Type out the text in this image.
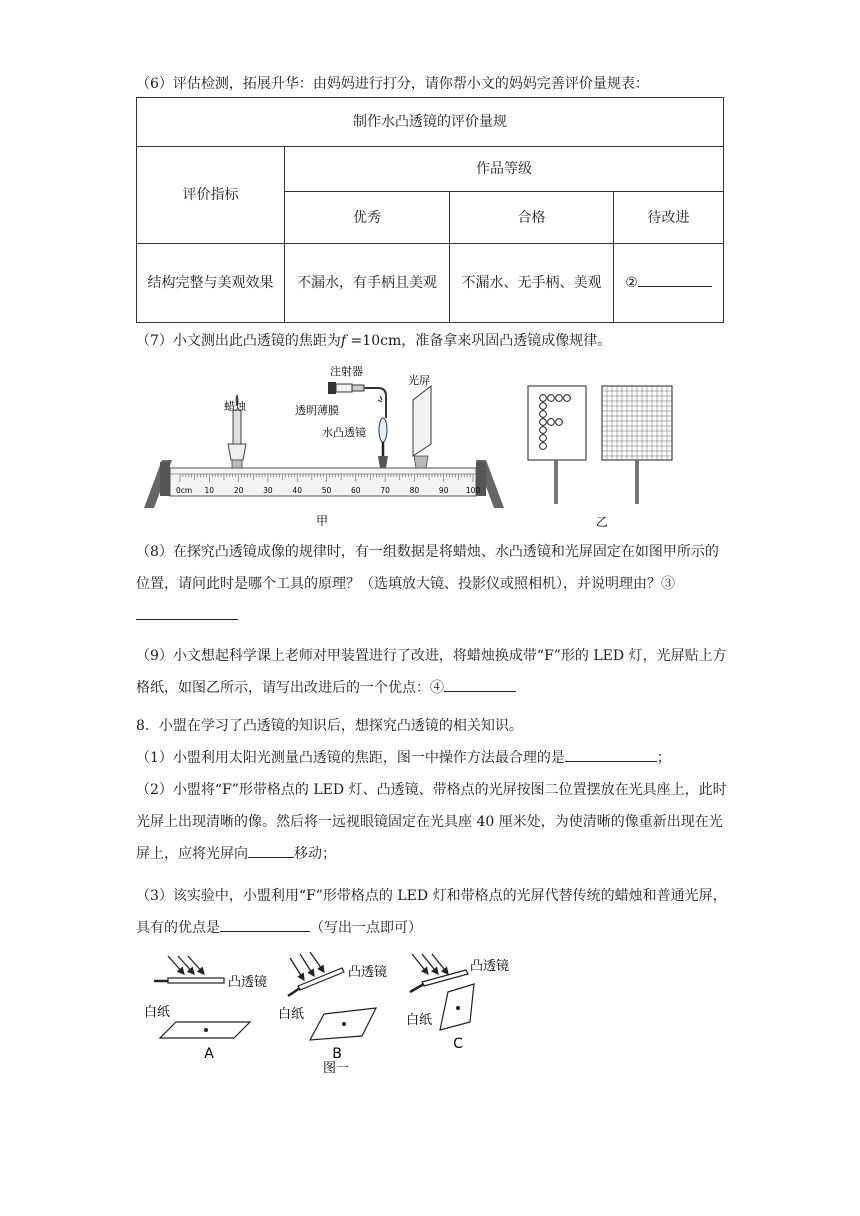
（6）评估检测，拓展升华：由妈妈进行打分，请你帮小文的妈妈完善评价量规表：

制作水凸透镜的评价量规			
评价指标	作品等级		
	优秀	合格	待改进
结构完整与美观效果	不漏水，有手柄且美观	不漏水、无手柄、美观	②

（7）小文测出此凸透镜的焦距为f =10cm，准备拿来巩固凸透镜成像规律。

0cm 10	20	30	40	50	60	70	80	90 100
蜡烛
注射器
透明薄膜
水凸透镜
光屏
甲	乙

（8）在探究凸透镜成像的规律时，有一组数据是将蜡烛、水凸透镜和光屏固定在如图甲所示的位置，请问此时是哪个工具的原理？（选填放大镜、投影仪或照相机），并说明理由？③

（9）小文想起科学课上老师对甲装置进行了改进，将蜡烛换成带“F”形的 LED 灯，光屏贴上方格纸，如图乙所示，请写出改进后的一个优点：④

8．小盟在学习了凸透镜的知识后，想探究凸透镜的相关知识。

（1）小盟利用太阳光测量凸透镜的焦距，图一中操作方法最合理的是	；

（2）小盟将“F”形带格点的 LED 灯、凸透镜、带格点的光屏按图二位置摆放在光具座上，此时光屏上出现清晰的像。然后将一远视眼镜固定在光具座 40 厘米处，为使清晰的像重新出现在光屏上，应将光屏向	移动；

（3）该实验中，小盟利用“F”形带格点的 LED 灯和带格点的光屏代替传统的蜡烛和普通光屏，具有的优点是	（写出一点即可）

凸透镜
白纸
A
凸透镜
白纸
B
凸透镜
白纸
C
图一
